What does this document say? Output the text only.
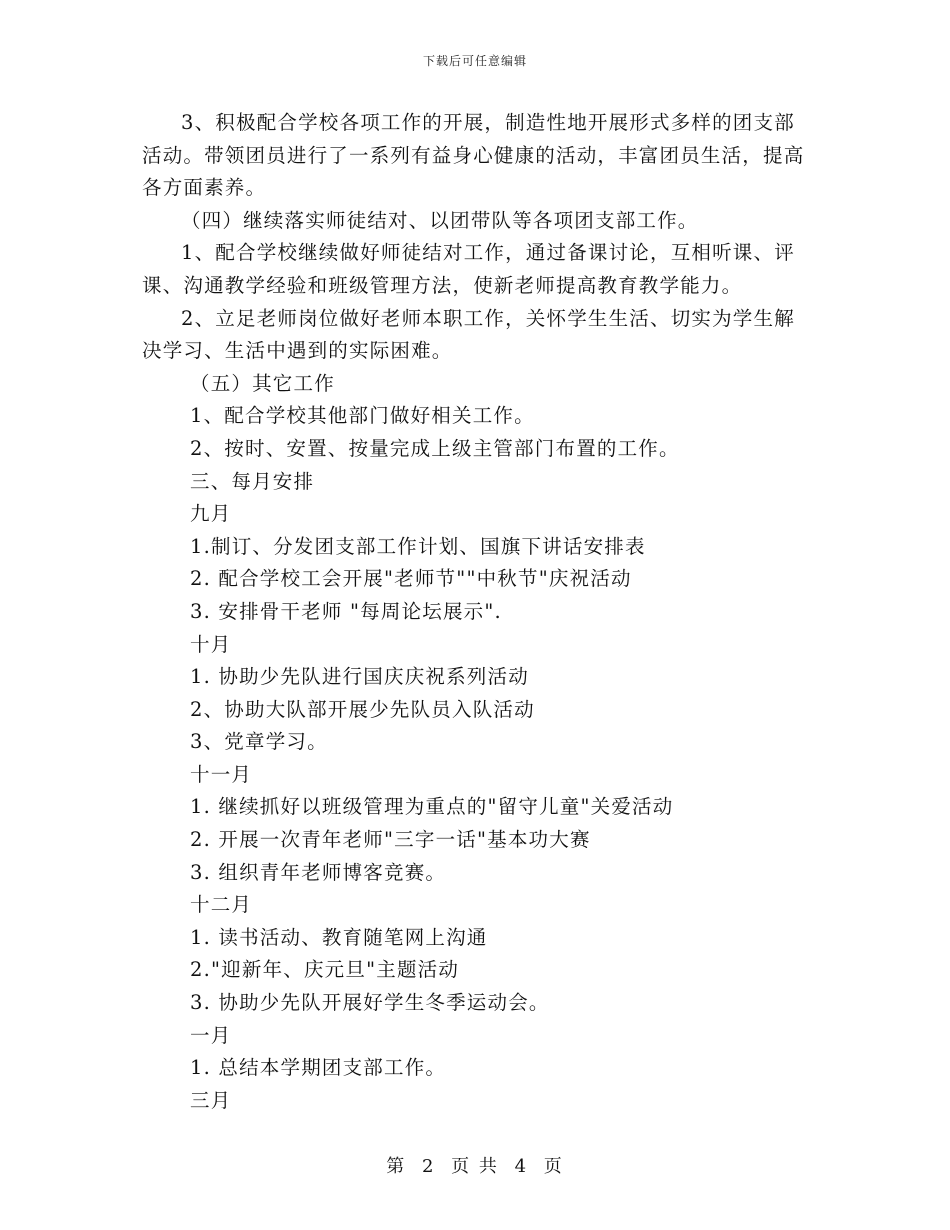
下载后可任意编辑

3、积极配合学校各项工作的开展，制造性地开展形式多样的团支部活动。带领团员进行了一系列有益身心健康的活动，丰富团员生活，提高各方面素养。

（四）继续落实师徒结对、以团带队等各项团支部工作。

1、配合学校继续做好师徒结对工作，通过备课讨论，互相听课、评课、沟通教学经验和班级管理方法，使新老师提高教育教学能力。

2、立足老师岗位做好老师本职工作，关怀学生生活、切实为学生解决学习、生活中遇到的实际困难。

（五）其它工作

1、配合学校其他部门做好相关工作。

2、按时、安置、按量完成上级主管部门布置的工作。

三、每月安排

九月

1.制订、分发团支部工作计划、国旗下讲话安排表

2. 配合学校工会开展"老师节""中秋节"庆祝活动

3. 安排骨干老师 "每周论坛展示".

十月

1. 协助少先队进行国庆庆祝系列活动

2、协助大队部开展少先队员入队活动

3、党章学习。

十一月

1. 继续抓好以班级管理为重点的"留守儿童"关爱活动

2. 开展一次青年老师"三字一话"基本功大赛

3. 组织青年老师博客竞赛。

十二月

1. 读书活动、教育随笔网上沟通

2."迎新年、庆元旦"主题活动

3. 协助少先队开展好学生冬季运动会。

一月

1. 总结本学期团支部工作。

三月

第 2 页 共 4 页
